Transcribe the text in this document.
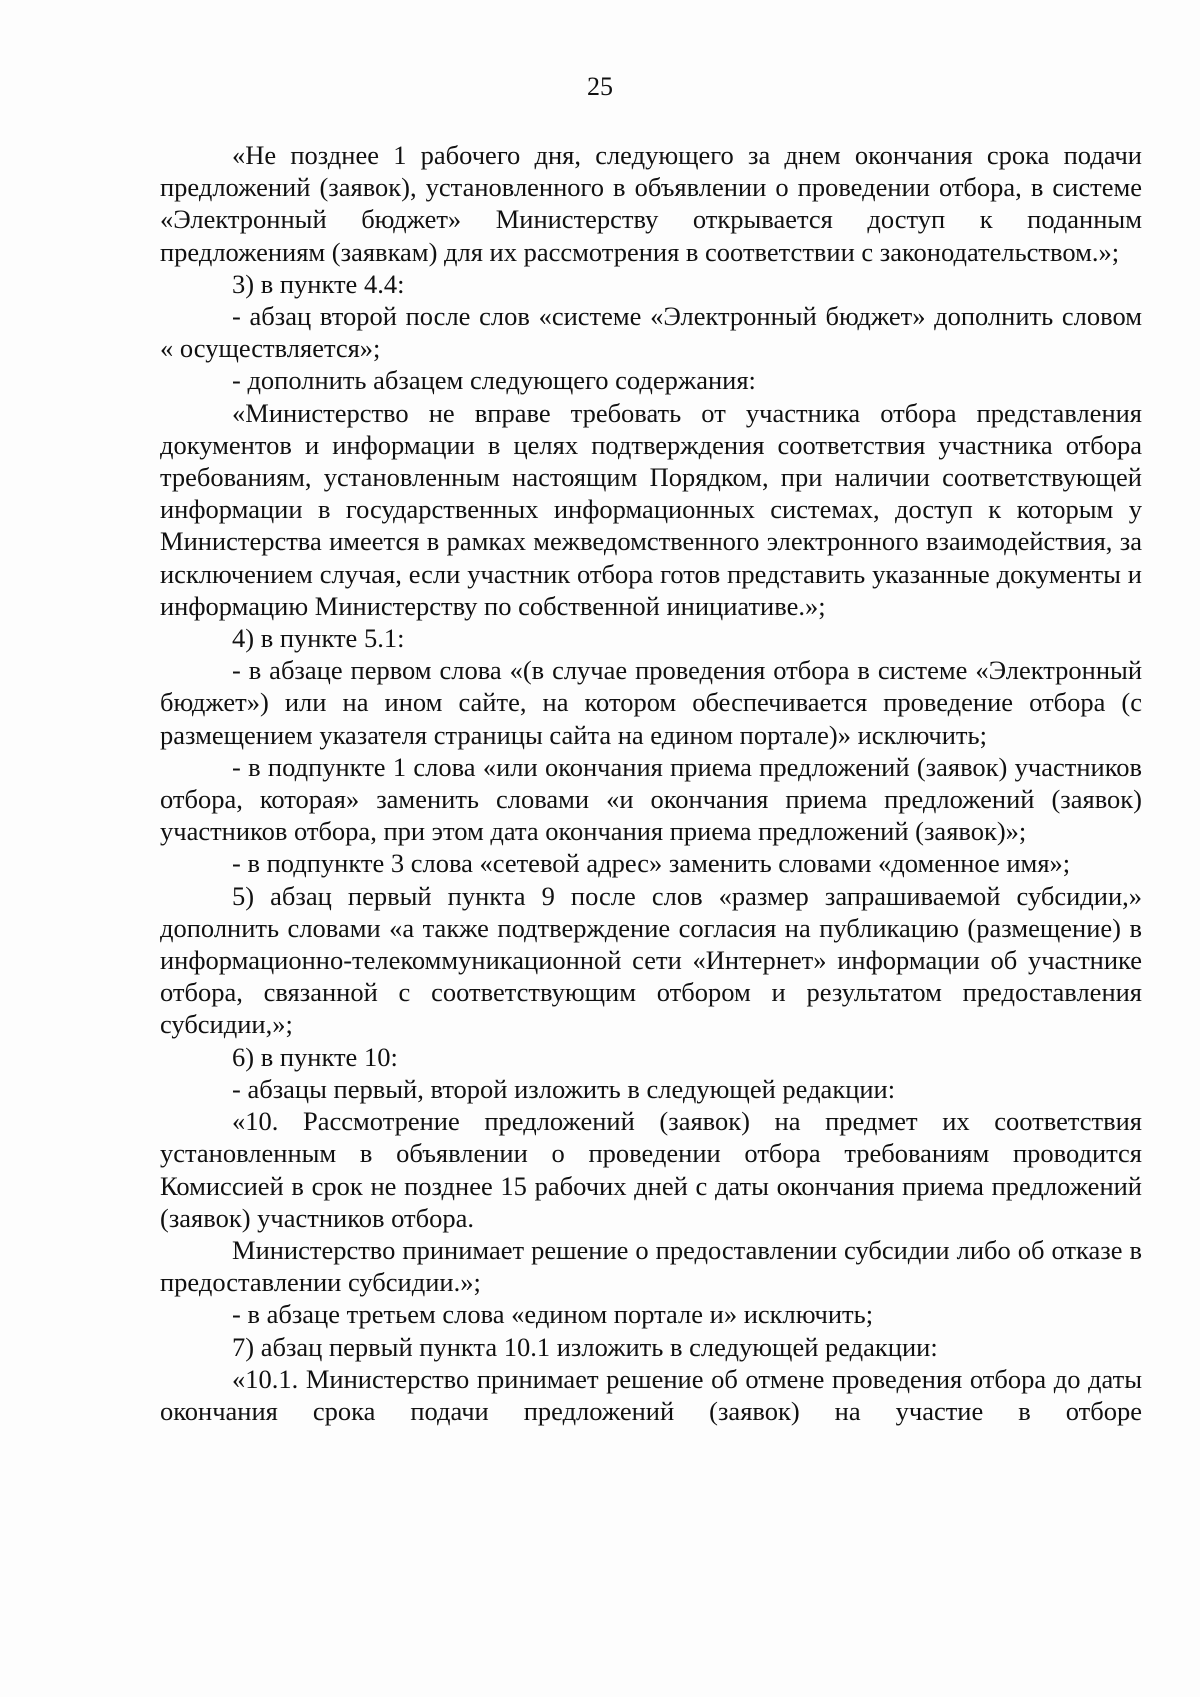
25

«Не позднее 1 рабочего дня, следующего за днем окончания срока подачи предложений (заявок), установленного в объявлении о проведении отбора, в системе «Электронный бюджет» Министерству открывается доступ к поданным предложениям (заявкам) для их рассмотрения в соответствии с законодательством.»;

3) в пункте 4.4:

- абзац второй после слов «системе «Электронный бюджет» дополнить словом « осуществляется»;

- дополнить абзацем следующего содержания:

«Министерство не вправе требовать от участника отбора представления документов и информации в целях подтверждения соответствия участника отбора требованиям, установленным настоящим Порядком, при наличии соответствующей информации в государственных информационных системах, доступ к которым у Министерства имеется в рамках межведомственного электронного взаимодействия, за исключением случая, если участник отбора готов представить указанные документы и информацию Министерству по собственной инициативе.»;

4) в пункте 5.1:

- в абзаце первом слова «(в случае проведения отбора в системе «Электронный бюджет») или на ином сайте, на котором обеспечивается проведение отбора (с размещением указателя страницы сайта на едином портале)» исключить;

- в подпункте 1 слова «или окончания приема предложений (заявок) участников отбора, которая» заменить словами «и окончания приема предложений (заявок) участников отбора, при этом дата окончания приема предложений (заявок)»;

- в подпункте 3 слова «сетевой адрес» заменить словами «доменное имя»;

5) абзац первый пункта 9 после слов «размер запрашиваемой субсидии,» дополнить словами «а также подтверждение согласия на публикацию (размещение) в информационно-телекоммуникационной сети «Интернет» информации об участнике отбора, связанной с соответствующим отбором и результатом предоставления субсидии,»;

6) в пункте 10:

- абзацы первый, второй изложить в следующей редакции:

«10. Рассмотрение предложений (заявок) на предмет их соответствия установленным в объявлении о проведении отбора требованиям проводится Комиссией в срок не позднее 15 рабочих дней с даты окончания приема предложений (заявок) участников отбора.

Министерство принимает решение о предоставлении субсидии либо об отказе в предоставлении субсидии.»;

- в абзаце третьем слова «едином портале и» исключить;

7) абзац первый пункта 10.1 изложить в следующей редакции:

«10.1. Министерство принимает решение об отмене проведения отбора до даты окончания срока подачи предложений (заявок) на участие в отборе
